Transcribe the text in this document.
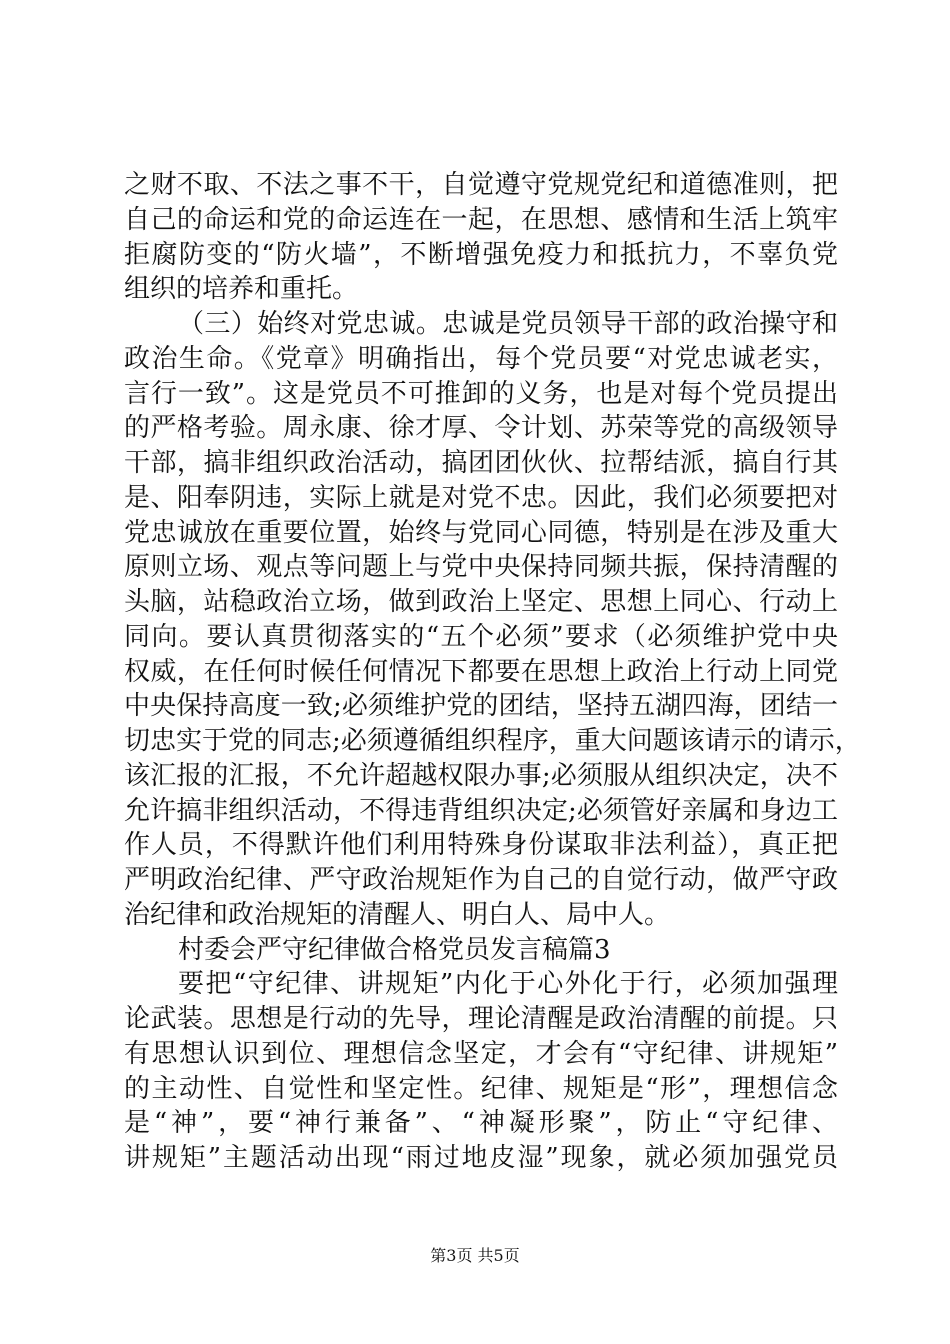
之财不取、不法之事不干，自觉遵守党规党纪和道德准则，把
自己的命运和党的命运连在一起，在思想、感情和生活上筑牢
拒腐防变的“防火墙”，不断增强免疫力和抵抗力，不辜负党
组织的培养和重托。
（三）始终对党忠诚。忠诚是党员领导干部的政治操守和
政治生命。《党章》明确指出，每个党员要“对党忠诚老实，
言行一致”。这是党员不可推卸的义务，也是对每个党员提出
的严格考验。周永康、徐才厚、令计划、苏荣等党的高级领导
干部，搞非组织政治活动，搞团团伙伙、拉帮结派，搞自行其
是、阳奉阴违，实际上就是对党不忠。因此，我们必须要把对
党忠诚放在重要位置，始终与党同心同德，特别是在涉及重大
原则立场、观点等问题上与党中央保持同频共振，保持清醒的
头脑，站稳政治立场，做到政治上坚定、思想上同心、行动上
同向。要认真贯彻落实的“五个必须”要求（必须维护党中央
权威，在任何时候任何情况下都要在思想上政治上行动上同党
中央保持高度一致;必须维护党的团结，坚持五湖四海，团结一
切忠实于党的同志;必须遵循组织程序，重大问题该请示的请示，
该汇报的汇报，不允许超越权限办事;必须服从组织决定，决不
允许搞非组织活动，不得违背组织决定;必须管好亲属和身边工
作人员，不得默许他们利用特殊身份谋取非法利益），真正把
严明政治纪律、严守政治规矩作为自己的自觉行动，做严守政
治纪律和政治规矩的清醒人、明白人、局中人。
村委会严守纪律做合格党员发言稿篇3
要把“守纪律、讲规矩”内化于心外化于行，必须加强理
论武装。思想是行动的先导，理论清醒是政治清醒的前提。只
有思想认识到位、理想信念坚定，才会有“守纪律、讲规矩”
的主动性、自觉性和坚定性。纪律、规矩是“形”，理想信念
是“神”，要“神行兼备”、“神凝形聚”，防止“守纪律、
讲规矩”主题活动出现“雨过地皮湿”现象，就必须加强党员
第3页 共5页
